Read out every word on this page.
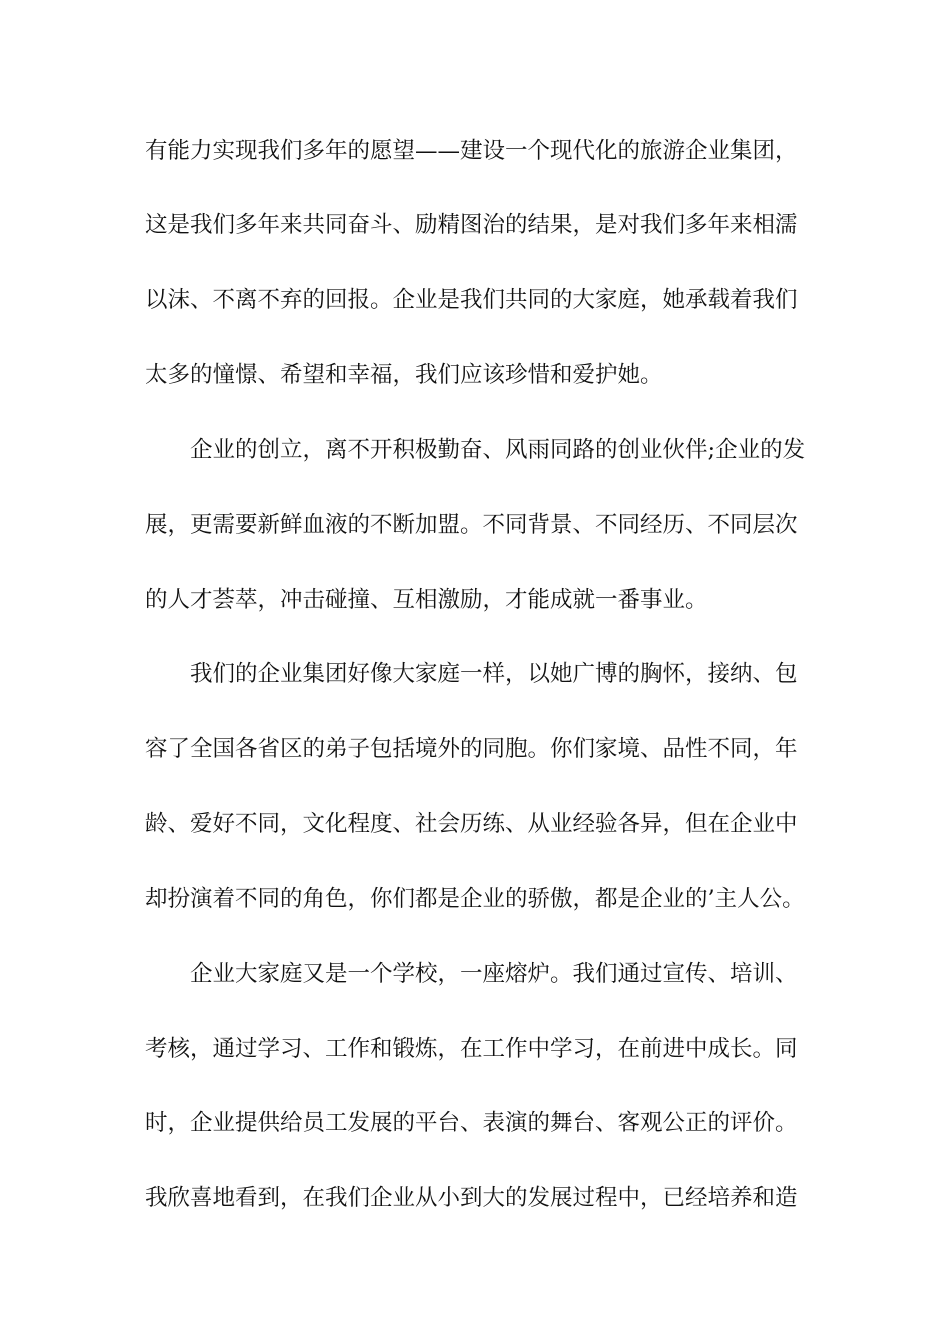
有能力实现我们多年的愿望——建设一个现代化的旅游企业集团，
这是我们多年来共同奋斗、励精图治的结果，是对我们多年来相濡
以沫、不离不弃的回报。企业是我们共同的大家庭，她承载着我们
太多的憧憬、希望和幸福，我们应该珍惜和爱护她。
企业的创立，离不开积极勤奋、风雨同路的创业伙伴;企业的发
展，更需要新鲜血液的不断加盟。不同背景、不同经历、不同层次
的人才荟萃，冲击碰撞、互相激励，才能成就一番事业。
我们的企业集团好像大家庭一样，以她广博的胸怀，接纳、包
容了全国各省区的弟子包括境外的同胞。你们家境、品性不同，年
龄、爱好不同，文化程度、社会历练、从业经验各异，但在企业中
却扮演着不同的角色，你们都是企业的骄傲，都是企业的’主人公。
企业大家庭又是一个学校，一座熔炉。我们通过宣传、培训、
考核，通过学习、工作和锻炼，在工作中学习，在前进中成长。同
时，企业提供给员工发展的平台、表演的舞台、客观公正的评价。
我欣喜地看到，在我们企业从小到大的发展过程中，已经培养和造
